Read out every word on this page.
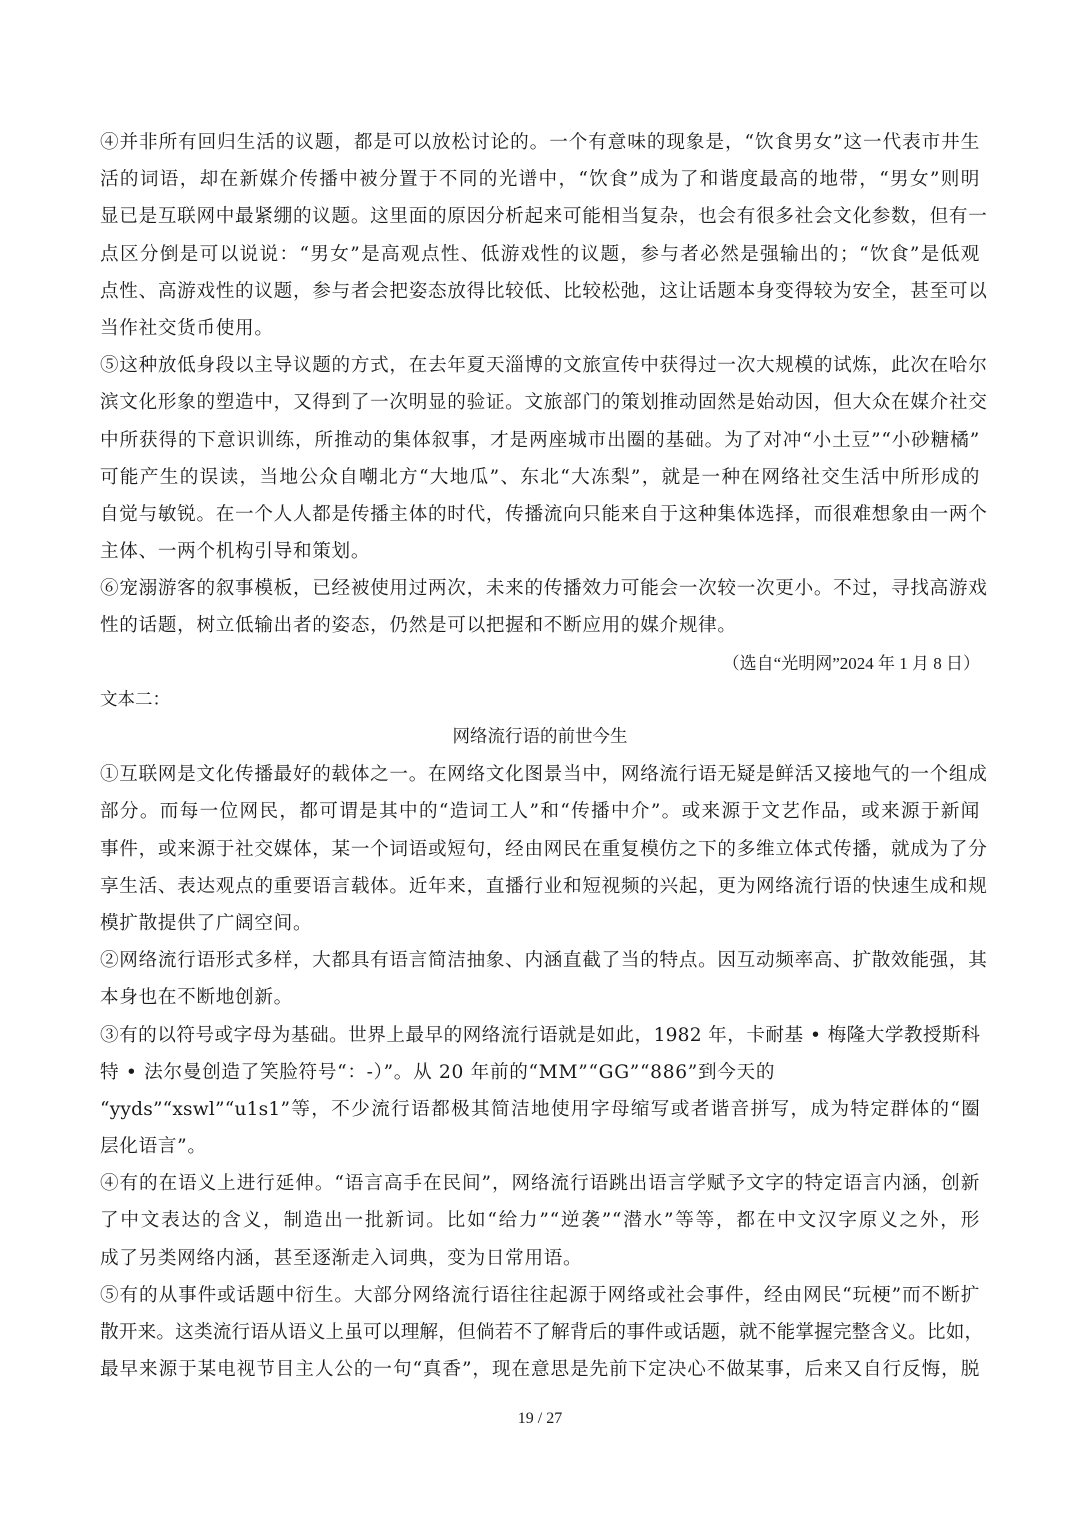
④并非所有回归生活的议题，都是可以放松讨论的。一个有意味的现象是，“饮食男女”这一代表市井生
活的词语，却在新媒介传播中被分置于不同的光谱中，“饮食”成为了和谐度最高的地带，“男女”则明
显已是互联网中最紧绷的议题。这里面的原因分析起来可能相当复杂，也会有很多社会文化参数，但有一
点区分倒是可以说说：“男女”是高观点性、低游戏性的议题，参与者必然是强输出的；“饮食”是低观
点性、高游戏性的议题，参与者会把姿态放得比较低、比较松弛，这让话题本身变得较为安全，甚至可以
当作社交货币使用。
⑤这种放低身段以主导议题的方式，在去年夏天淄博的文旅宣传中获得过一次大规模的试炼，此次在哈尔
滨文化形象的塑造中，又得到了一次明显的验证。文旅部门的策划推动固然是始动因，但大众在媒介社交
中所获得的下意识训练，所推动的集体叙事，才是两座城市出圈的基础。为了对冲“小土豆”“小砂糖橘”
可能产生的误读，当地公众自嘲北方“大地瓜”、东北“大冻梨”，就是一种在网络社交生活中所形成的
自觉与敏锐。在一个人人都是传播主体的时代，传播流向只能来自于这种集体选择，而很难想象由一两个
主体、一两个机构引导和策划。
⑥宠溺游客的叙事模板，已经被使用过两次，未来的传播效力可能会一次较一次更小。不过，寻找高游戏
性的话题，树立低输出者的姿态，仍然是可以把握和不断应用的媒介规律。
（选自“光明网”2024 年 1 月 8 日）
文本二：
网络流行语的前世今生
①互联网是文化传播最好的载体之一。在网络文化图景当中，网络流行语无疑是鲜活又接地气的一个组成
部分。而每一位网民，都可谓是其中的“造词工人”和“传播中介”。或来源于文艺作品，或来源于新闻
事件，或来源于社交媒体，某一个词语或短句，经由网民在重复模仿之下的多维立体式传播，就成为了分
享生活、表达观点的重要语言载体。近年来，直播行业和短视频的兴起，更为网络流行语的快速生成和规
模扩散提供了广阔空间。
②网络流行语形式多样，大都具有语言简洁抽象、内涵直截了当的特点。因互动频率高、扩散效能强，其
本身也在不断地创新。
③有的以符号或字母为基础。世界上最早的网络流行语就是如此，1982 年，卡耐基 • 梅隆大学教授斯科
特 • 法尔曼创造了笑脸符号“：-）”。从 20 年前的“MM”“GG”“886”到今天的
“yyds”“xswl”“u1s1”等，不少流行语都极其简洁地使用字母缩写或者谐音拼写，成为特定群体的“圈
层化语言”。
④有的在语义上进行延伸。“语言高手在民间”，网络流行语跳出语言学赋予文字的特定语言内涵，创新
了中文表达的含义，制造出一批新词。比如“给力”“逆袭”“潜水”等等，都在中文汉字原义之外，形
成了另类网络内涵，甚至逐渐走入词典，变为日常用语。
⑤有的从事件或话题中衍生。大部分网络流行语往往起源于网络或社会事件，经由网民“玩梗”而不断扩
散开来。这类流行语从语义上虽可以理解，但倘若不了解背后的事件或话题，就不能掌握完整含义。比如，
最早来源于某电视节目主人公的一句“真香”，现在意思是先前下定决心不做某事，后来又自行反悔，脱
19 / 27
